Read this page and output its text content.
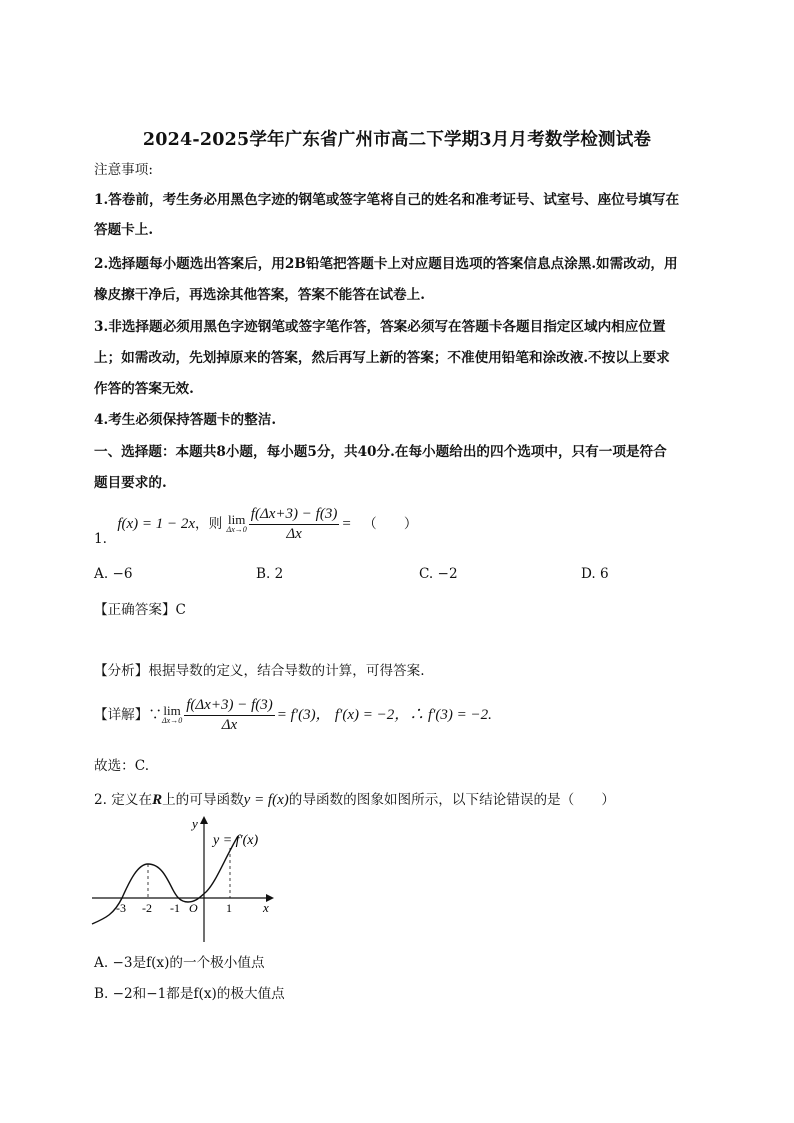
2024-2025学年广东省广州市高二下学期3月月考数学检测试卷
注意事项:
1.答卷前，考生务必用黑色字迹的钢笔或签字笔将自己的姓名和准考证号、试室号、座位号填写在
答题卡上.
2.选择题每小题选出答案后，用2B铅笔把答题卡上对应题目选项的答案信息点涂黑.如需改动，用
橡皮擦干净后，再选涂其他答案，答案不能答在试卷上.
3.非选择题必须用黑色字迹钢笔或签字笔作答，答案必须写在答题卡各题目指定区域内相应位置
上；如需改动，先划掉原来的答案，然后再写上新的答案；不准使用铅笔和涂改液.不按以上要求
作答的答案无效.
4.考生必须保持答题卡的整洁.
一、选择题：本题共8小题，每小题5分，共40分.在每小题给出的四个选项中，只有一项是符合
题目要求的.
1. f(x) = 1 − 2x，则 lim
$\Delta x\to 0 \frac{f(\Delta x+3) - f(3)}{\Delta x}$ = （　　）
A. −6	B. 2	C. −2	D. 6
【正确答案】C
【分析】根据导数的定义，结合导数的计算，可得答案.
【详解】∵ lim
$\Delta x\to 0 \frac{f(\Delta x+3) - f(3)}{\Delta x} = f'(3)$， f′(x) = −2，∴ f′(3) = −2.
故选：C.
2. 定义在R上的可导函数y = f(x)的导函数的图象如图所示，以下结论错误的是（　　）
y
x
y = f′(x)
O
-3 -2 -1	1
A. −3是f(x)的一个极小值点
B. −2和−1都是f(x)的极大值点
